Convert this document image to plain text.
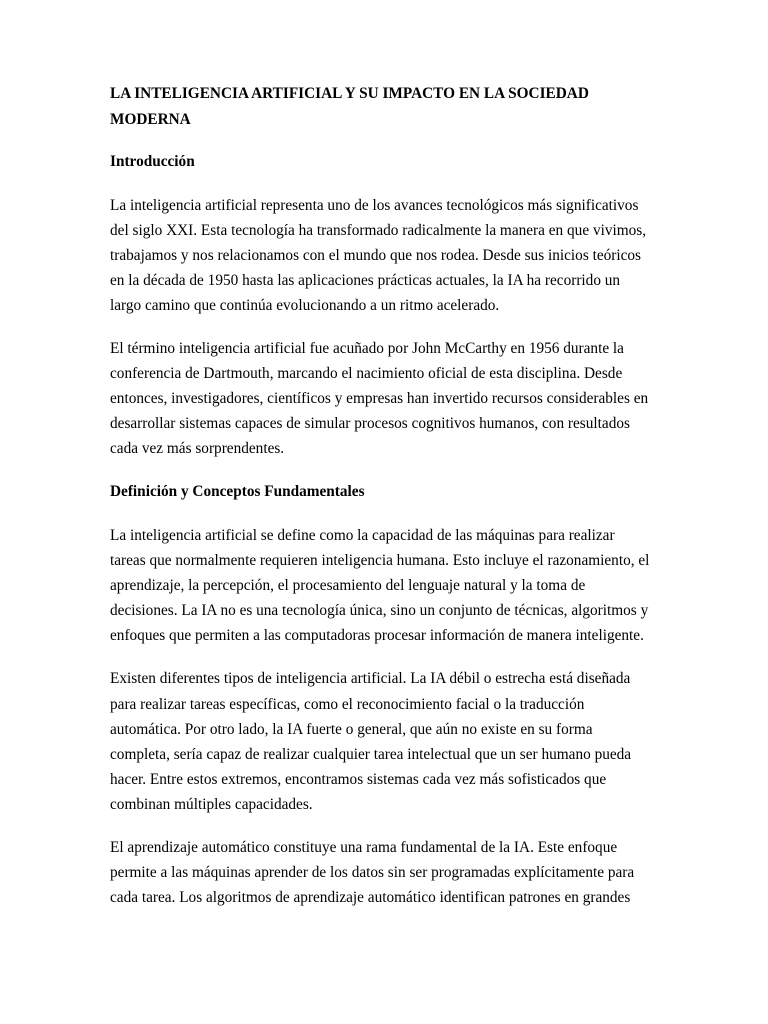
LA INTELIGENCIA ARTIFICIAL Y SU IMPACTO EN LA SOCIEDAD
MODERNA
Introducción
La inteligencia artificial representa uno de los avances tecnológicos más significativos
del siglo XXI. Esta tecnología ha transformado radicalmente la manera en que vivimos,
trabajamos y nos relacionamos con el mundo que nos rodea. Desde sus inicios teóricos
en la década de 1950 hasta las aplicaciones prácticas actuales, la IA ha recorrido un
largo camino que continúa evolucionando a un ritmo acelerado.
El término inteligencia artificial fue acuñado por John McCarthy en 1956 durante la
conferencia de Dartmouth, marcando el nacimiento oficial de esta disciplina. Desde
entonces, investigadores, científicos y empresas han invertido recursos considerables en
desarrollar sistemas capaces de simular procesos cognitivos humanos, con resultados
cada vez más sorprendentes.
Definición y Conceptos Fundamentales
La inteligencia artificial se define como la capacidad de las máquinas para realizar
tareas que normalmente requieren inteligencia humana. Esto incluye el razonamiento, el
aprendizaje, la percepción, el procesamiento del lenguaje natural y la toma de
decisiones. La IA no es una tecnología única, sino un conjunto de técnicas, algoritmos y
enfoques que permiten a las computadoras procesar información de manera inteligente.
Existen diferentes tipos de inteligencia artificial. La IA débil o estrecha está diseñada
para realizar tareas específicas, como el reconocimiento facial o la traducción
automática. Por otro lado, la IA fuerte o general, que aún no existe en su forma
completa, sería capaz de realizar cualquier tarea intelectual que un ser humano pueda
hacer. Entre estos extremos, encontramos sistemas cada vez más sofisticados que
combinan múltiples capacidades.
El aprendizaje automático constituye una rama fundamental de la IA. Este enfoque
permite a las máquinas aprender de los datos sin ser programadas explícitamente para
cada tarea. Los algoritmos de aprendizaje automático identifican patrones en grandes
